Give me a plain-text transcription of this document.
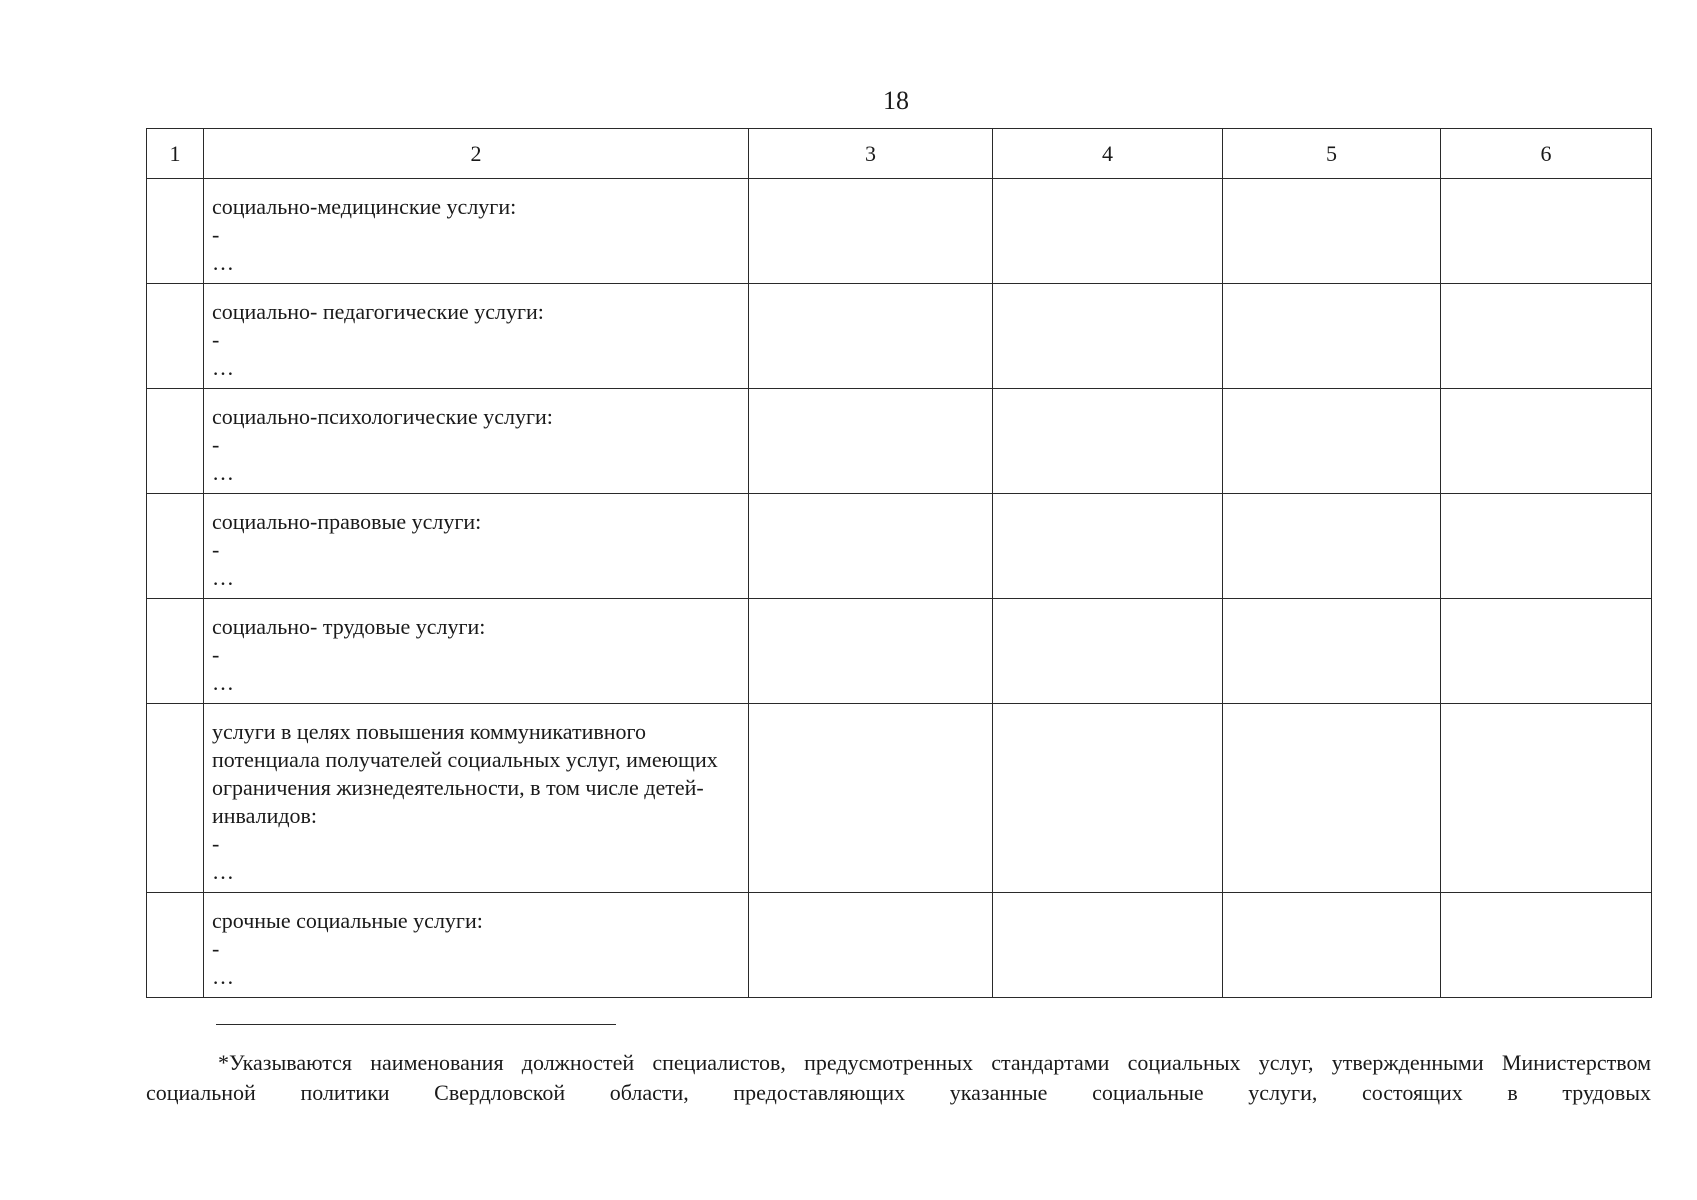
18
1	2	3	4	5	6

	социально-медицинские услуги:
-
…				

	социально- педагогические услуги:
-
…				

	социально-психологические услуги:
-
…				

	социально-правовые услуги:
-
…				

	социально- трудовые услуги:
-
…				

	услуги в целях повышения коммуникативного потенциала получателей социальных услуг, имеющих ограничения жизнедеятельности, в том числе детей-инвалидов:
-
…				

	срочные социальные услуги:
-
…				

*Указываются наименования должностей специалистов, предусмотренных стандартами социальных услуг, утвержденными Министерством социальной политики Свердловской области, предоставляющих указанные социальные услуги, состоящих в трудовых
